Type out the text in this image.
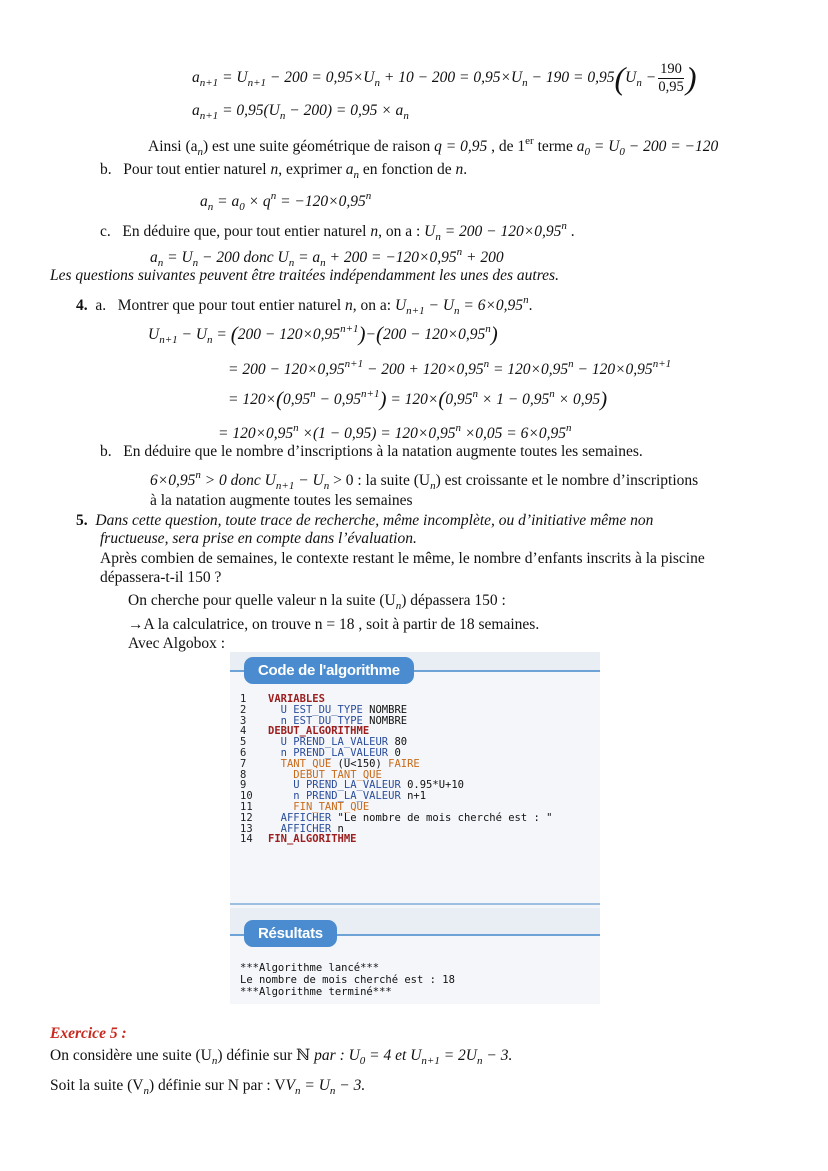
$a_{n+1} = U_{n+1} - 200 = 0,95\times U_n + 10 - 200 = 0,95\times U_n - 190 = 0,95(U_n - \frac{190}{0,95}$ )
$a_{n+1} = 0,95(U_n - 200) = 0,95 \times a_n$
Ainsi $(a_n)$ est une suite géométrique de raison q = 0,95 , de 1er terme $a_0 = U_0 - 200 = -120$
b. Pour tout entier naturel n, exprimer $a_n$ en fonction de n.
$a_n = a_0 \times q^n = -120\times 0,95^n$
c. En déduire que, pour tout entier naturel n, on a : $U_n = 200 - 120\times 0,95^n$ .
$a_n = U_n - 200$ donc $U_n = a_n + 200 = -120\times 0,95^n + 200$
Les questions suivantes peuvent être traitées indépendamment les unes des autres.
4. a. Montrer que pour tout entier naturel n, on a: $U_{n+1} - U_n = 6\times 0,95^n$.
$U_{n+1} - U_n = (200 - 120\times 0,95^{n+1})-(200 - 120\times 0,95^n)$
= $200 - 120\times 0,95^{n+1} - 200 + 120\times 0,95^n = 120\times 0,95^n - 120\times 0,95^{n+1}$
= $120\times(0,95^n - 0,95^{n+1}) = 120\times(0,95^n \times 1 - 0,95^n \times 0,95)$
= $120\times 0,95^n \times(1 - 0,95) = 120\times 0,95^n \times 0,05 = 6\times 0,95^n$
b. En déduire que le nombre d’inscriptions à la natation augmente toutes les semaines.
$6\times 0,95^n > 0$ donc $U_{n+1} - U_n > 0$ : la suite $(U_n)$ est croissante et le nombre d’inscriptions
à la natation augmente toutes les semaines
5. Dans cette question, toute trace de recherche, même incomplète, ou d’initiative même non
fructueuse, sera prise en compte dans l’évaluation.
Après combien de semaines, le contexte restant le même, le nombre d’enfants inscrits à la piscine
dépassera-t-il 150 ?
On cherche pour quelle valeur n la suite $(U_n)$ dépassera 150 :
→A la calculatrice, on trouve n = 18 , soit à partir de 18 semaines.
Avec Algobox :
Code de l'algorithme
1 VARIABLES
2	U EST_DU_TYPE NOMBRE
3	n EST_DU_TYPE NOMBRE
4 DEBUT_ALGORITHME
5	U PREND_LA_VALEUR 80
6	n PREND_LA_VALEUR 0
7	TANT_QUE (U<150) FAIRE
8	DEBUT_TANT_QUE
9	U PREND_LA_VALEUR 0.95*U+10
10	n PREND_LA_VALEUR n+1
11	FIN_TANT_QUE
12	AFFICHER "Le nombre de mois cherché est : "
13	AFFICHER n
14 FIN_ALGORITHME
Résultats
***Algorithme lancé***
Le nombre de mois cherché est : 18
***Algorithme terminé***
Exercice 5 :
On considère une suite $(U_n)$ définie sur ℕ par : $U_0 = 4$ et $U_{n+1} = 2U_n - 3$.
Soit la suite $(V_n)$ définie sur N par : $VV_n = U_n - 3$.
